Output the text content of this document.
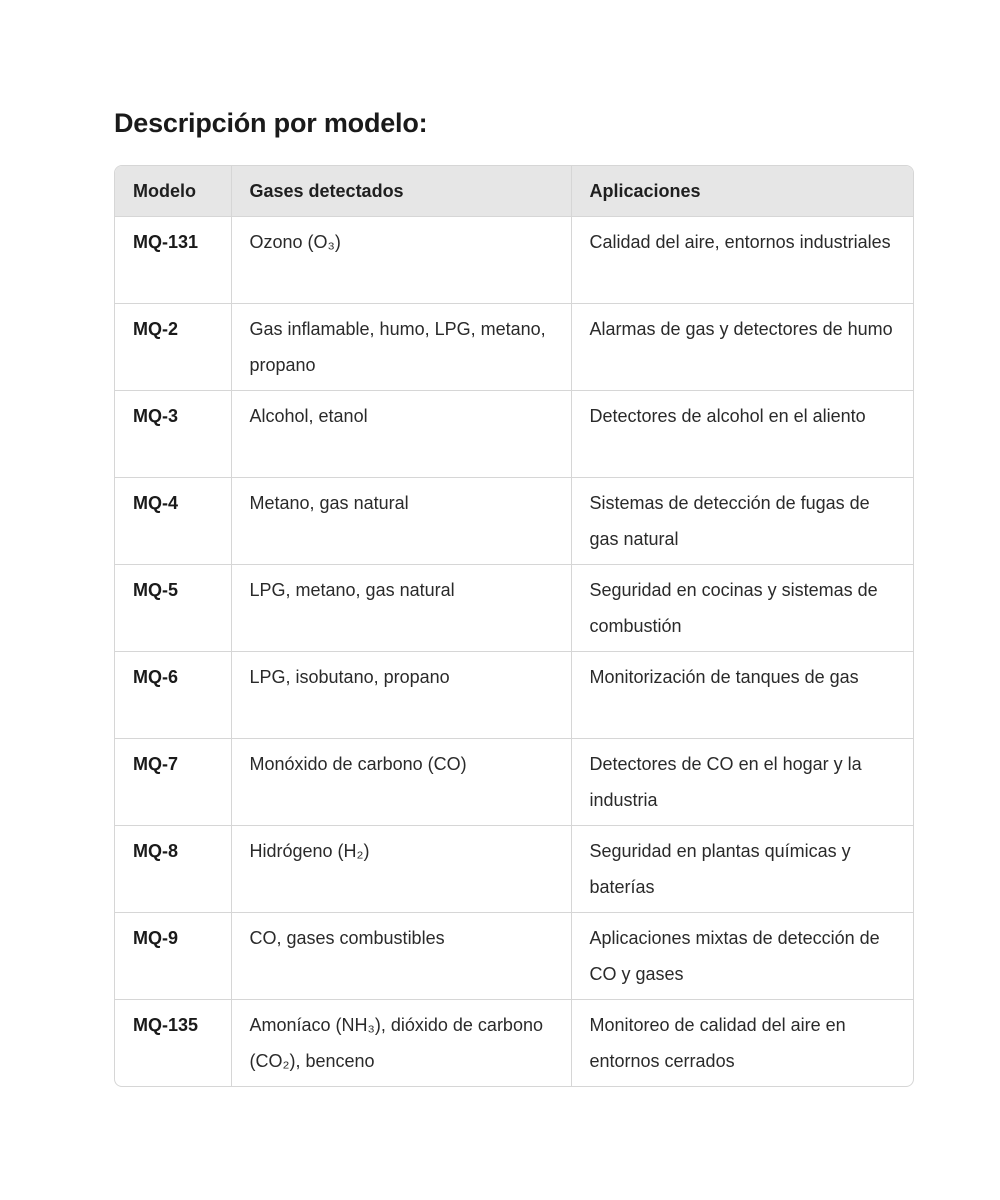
Descripción por modelo:
Modelo	Gases detectados	Aplicaciones

MQ-131	Ozono (O₃)	Calidad del aire, entornos industriales

MQ-2	Gas inflamable, humo, LPG, metano, propano	Alarmas de gas y detectores de humo

MQ-3	Alcohol, etanol	Detectores de alcohol en el aliento

MQ-4	Metano, gas natural	Sistemas de detección de fugas de gas natural

MQ-5	LPG, metano, gas natural	Seguridad en cocinas y sistemas de combustión

MQ-6	LPG, isobutano, propano	Monitorización de tanques de gas

MQ-7	Monóxido de carbono (CO)	Detectores de CO en el hogar y la industria

MQ-8	Hidrógeno (H₂)	Seguridad en plantas químicas y baterías

MQ-9	CO, gases combustibles	Aplicaciones mixtas de detección de CO y gases

MQ-135	Amoníaco (NH₃), dióxido de carbono (CO₂), benceno	Monitoreo de calidad del aire en entornos cerrados
